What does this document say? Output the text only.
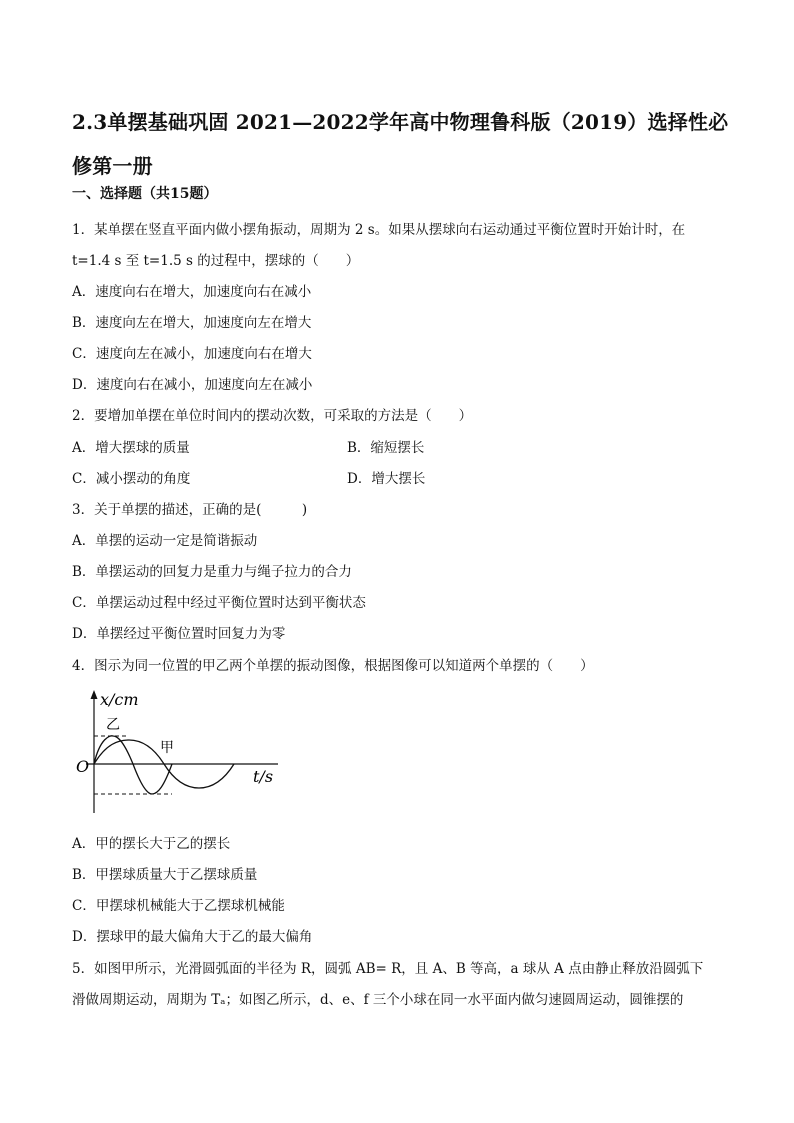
2.3单摆基础巩固 2021—2022学年高中物理鲁科版（2019）选择性必修第一册
一、选择题（共15题）
1．某单摆在竖直平面内做小摆角振动，周期为 2 s。如果从摆球向右运动通过平衡位置时开始计时，在
t=1.4 s 至 t=1.5 s 的过程中，摆球的（　　）
A．速度向右在增大，加速度向右在减小
B．速度向左在增大，加速度向左在增大
C．速度向左在减小，加速度向右在增大
D．速度向右在减小，加速度向左在减小
2．要增加单摆在单位时间内的摆动次数，可采取的方法是（　　）
A．增大摆球的质量	B．缩短摆长
C．减小摆动的角度	D．增大摆长
3．关于单摆的描述，正确的是(　　　)
A．单摆的运动一定是简谐振动
B．单摆运动的回复力是重力与绳子拉力的合力
C．单摆运动过程中经过平衡位置时达到平衡状态
D．单摆经过平衡位置时回复力为零
4．图示为同一位置的甲乙两个单摆的振动图像，根据图像可以知道两个单摆的（　　）
x/cm
t/s
O
乙
甲
A．甲的摆长大于乙的摆长
B．甲摆球质量大于乙摆球质量
C．甲摆球机械能大于乙摆球机械能
D．摆球甲的最大偏角大于乙的最大偏角
5．如图甲所示，光滑圆弧面的半径为 R，圆弧 AB= R，且 A、B 等高，a 球从 A 点由静止释放沿圆弧下
滑做周期运动，周期为 Tₐ；如图乙所示，d、e、f 三个小球在同一水平面内做匀速圆周运动，圆锥摆的
